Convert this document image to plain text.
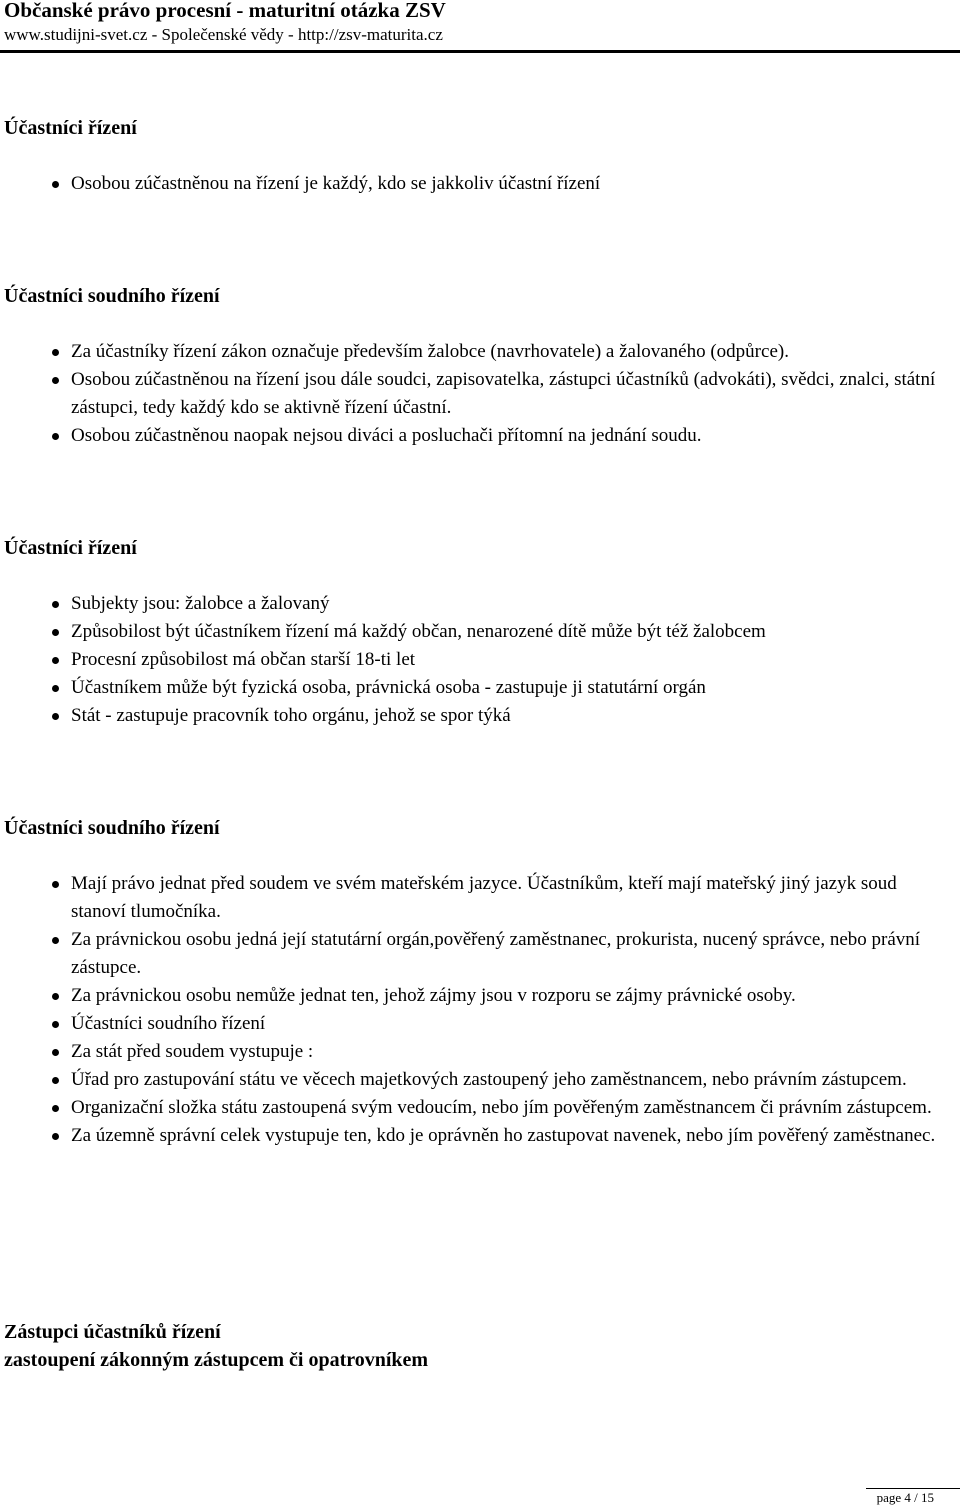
Občanské právo procesní - maturitní otázka ZSV
www.studijni-svet.cz - Společenské vědy - http://zsv-maturita.cz
Účastníci řízení
Osobou zúčastněnou na řízení je každý, kdo se jakkoliv účastní řízení
Účastníci soudního řízení
Za účastníky řízení zákon označuje především žalobce (navrhovatele) a žalovaného (odpůrce).
Osobou zúčastněnou na řízení jsou dále soudci, zapisovatelka, zástupci účastníků (advokáti), svědci, znalci, státní zástupci, tedy každý kdo se aktivně řízení účastní.
Osobou zúčastněnou naopak nejsou diváci a posluchači přítomní na jednání soudu.
Účastníci řízení
Subjekty jsou: žalobce a žalovaný
Způsobilost být účastníkem řízení má každý občan, nenarozené dítě může být též žalobcem
Procesní způsobilost má občan starší 18-ti let
Účastníkem může být fyzická osoba, právnická osoba - zastupuje ji statutární orgán
Stát - zastupuje pracovník toho orgánu, jehož se spor týká
Účastníci soudního řízení
Mají právo jednat před soudem ve svém mateřském jazyce. Účastníkům, kteří mají mateřský jiný jazyk soud stanoví tlumočníka.
Za právnickou osobu jedná její statutární orgán,pověřený zaměstnanec, prokurista, nucený správce, nebo právní zástupce.
Za právnickou osobu nemůže jednat ten, jehož zájmy jsou v rozporu se zájmy právnické osoby.
Účastníci soudního řízení
Za stát před soudem vystupuje :
Úřad pro zastupování státu ve věcech majetkových zastoupený jeho zaměstnancem, nebo právním zástupcem.
Organizační složka státu zastoupená svým vedoucím, nebo jím pověřeným zaměstnancem či právním zástupcem.
Za územně správní celek vystupuje ten, kdo je oprávněn ho zastupovat navenek, nebo jím pověřený zaměstnanec.
Zástupci účastníků řízení
zastoupení zákonným zástupcem či opatrovníkem
page 4 / 15
